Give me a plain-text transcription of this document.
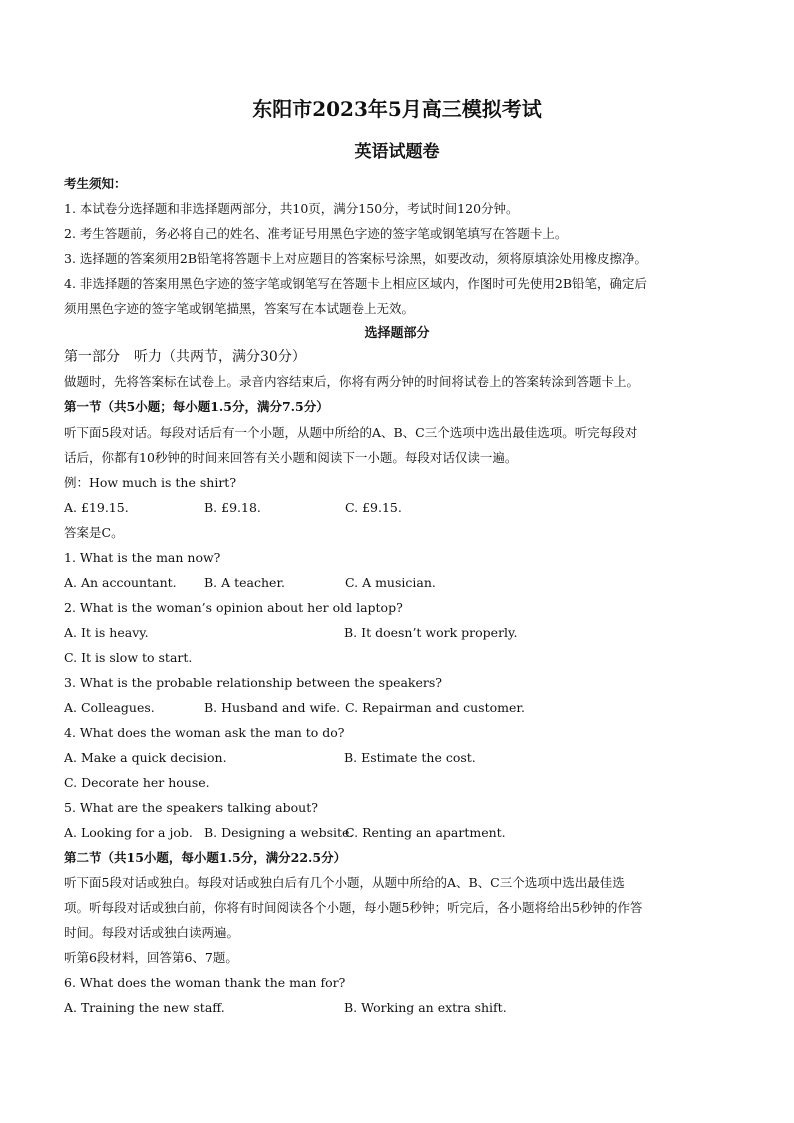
东阳市2023年5月高三模拟考试
英语试题卷
考生须知：
1. 本试卷分选择题和非选择题两部分，共10页，满分150分，考试时间120分钟。
2. 考生答题前，务必将自己的姓名、准考证号用黑色字迹的签字笔或钢笔填写在答题卡上。
3. 选择题的答案须用2B铅笔将答题卡上对应题目的答案标号涂黑，如要改动，须将原填涂处用橡皮擦净。
4. 非选择题的答案用黑色字迹的签字笔或钢笔写在答题卡上相应区域内，作图时可先使用2B铅笔，确定后
须用黑色字迹的签字笔或钢笔描黑，答案写在本试题卷上无效。
选择题部分
第一部分　听力（共两节，满分30分）
做题时，先将答案标在试卷上。录音内容结束后，你将有两分钟的时间将试卷上的答案转涂到答题卡上。
第一节（共5小题；每小题1.5分，满分7.5分）
听下面5段对话。每段对话后有一个小题，从题中所给的A、B、C三个选项中选出最佳选项。听完每段对
话后，你都有10秒钟的时间来回答有关小题和阅读下一小题。每段对话仅读一遍。
例：How much is the shirt?
A. £19.15.	B. £9.18.	C. £9.15.
答案是C。
1. What is the man now?
A. An accountant. B. A teacher.	C. A musician.
2. What is the woman’s opinion about her old laptop?
A. It is heavy.	B. It doesn’t work properly.
C. It is slow to start.
3. What is the probable relationship between the speakers?
A. Colleagues.	B. Husband and wife. C. Repairman and customer.
4. What does the woman ask the man to do?
A. Make a quick decision.	B. Estimate the cost.
C. Decorate her house.
5. What are the speakers talking about?
A. Looking for a job. B. Designing a website.
C. Renting an apartment.
第二节（共15小题，每小题1.5分，满分22.5分）
听下面5段对话或独白。每段对话或独白后有几个小题，从题中所给的A、B、C三个选项中选出最佳选
项。听每段对话或独白前，你将有时间阅读各个小题，每小题5秒钟；听完后，各小题将给出5秒钟的作答
时间。每段对话或独白读两遍。
听第6段材料，回答第6、7题。
6. What does the woman thank the man for?
A. Training the new staff.	B. Working an extra shift.
